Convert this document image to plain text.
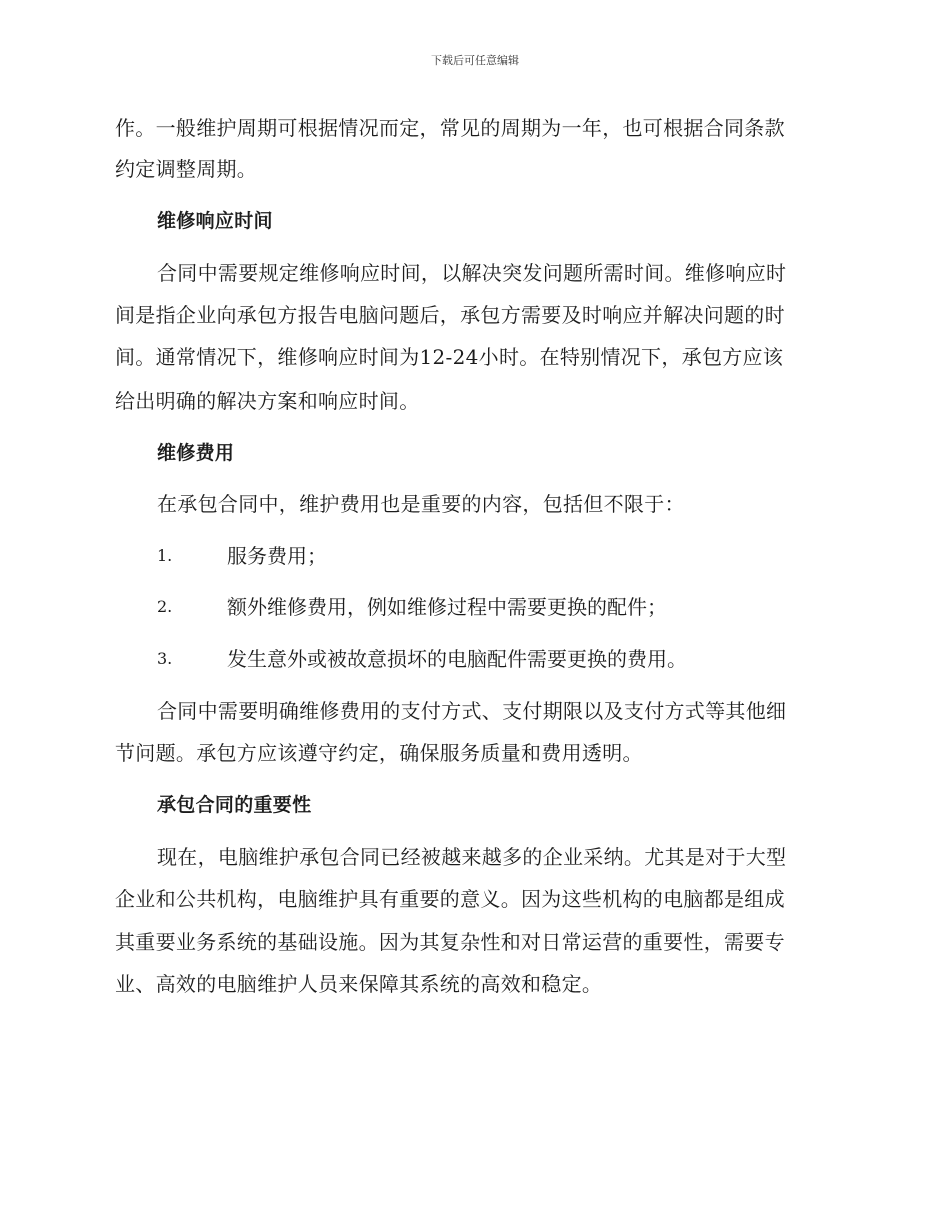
下载后可任意编辑
作。一般维护周期可根据情况而定，常见的周期为一年，也可根据合同条款
约定调整周期。
维修响应时间
合同中需要规定维修响应时间，以解决突发问题所需时间。维修响应时
间是指企业向承包方报告电脑问题后，承包方需要及时响应并解决问题的时
间。通常情况下，维修响应时间为12-24小时。在特别情况下，承包方应该
给出明确的解决方案和响应时间。
维修费用
在承包合同中，维护费用也是重要的内容，包括但不限于：
1.	服务费用；
2.	额外维修费用，例如维修过程中需要更换的配件；
3.	发生意外或被故意损坏的电脑配件需要更换的费用。
合同中需要明确维修费用的支付方式、支付期限以及支付方式等其他细
节问题。承包方应该遵守约定，确保服务质量和费用透明。
承包合同的重要性
现在，电脑维护承包合同已经被越来越多的企业采纳。尤其是对于大型
企业和公共机构，电脑维护具有重要的意义。因为这些机构的电脑都是组成
其重要业务系统的基础设施。因为其复杂性和对日常运营的重要性，需要专
业、高效的电脑维护人员来保障其系统的高效和稳定。
